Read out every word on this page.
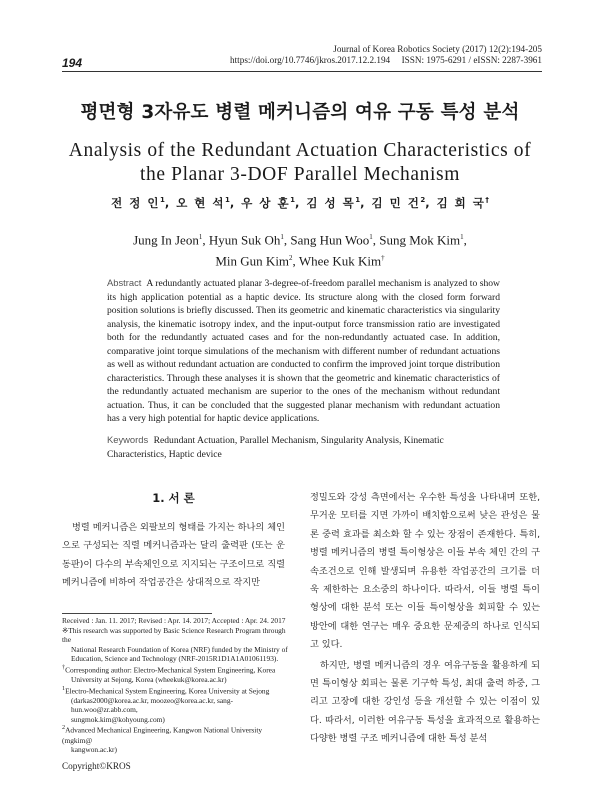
194
Journal of Korea Robotics Society (2017) 12(2):194-205
https://doi.org/10.7746/jkros.2017.12.2.194 ISSN: 1975-6291 / eISSN: 2287-3961
평면형 3자유도 병렬 메커니즘의 여유 구동 특성 분석
Analysis of the Redundant Actuation Characteristics of
the Planar 3-DOF Parallel Mechanism
전 정 인$^1$, 오 현 석$^1$, 우 상 훈$^1$, 김 성 목$^1$, 김 민 건$^2$, 김 희 국†
Jung In Jeon$^1$, Hyun Suk Oh$^1$, Sang Hun Woo$^1$, Sung Mok Kim$^1$,
Min Gun Kim$^2$, Whee Kuk Kim†
Abstract A redundantly actuated planar 3-degree-of-freedom parallel mechanism is analyzed to show its high application potential as a haptic device. Its structure along with the closed form forward position solutions is briefly discussed. Then its geometric and kinematic characteristics via singularity analysis, the kinematic isotropy index, and the input-output force transmission ratio are investigated both for the redundantly actuated cases and for the non-redundantly actuated case. In addition, comparative joint torque simulations of the mechanism with different number of redundant actuations as well as without redundant actuation are conducted to confirm the improved joint torque distribution characteristics. Through these analyses it is shown that the geometric and kinematic characteristics of the redundantly actuated mechanism are superior to the ones of the mechanism without redundant actuation. Thus, it can be concluded that the suggested planar mechanism with redundant actuation has a very high potential for haptic device applications.
Keywords Redundant Actuation, Parallel Mechanism, Singularity Analysis, Kinematic Characteristics, Haptic device
1. 서 론

병렬 메커니즘은 외팔보의 형태를 가지는 하나의 체인으로 구성되는 직렬 메커니즘과는 달리 출력판 (또는 운동판)이 다수의 부속체인으로 지지되는 구조이므로 직렬 메커니즘에 비하여 작업공간은 상대적으로 작지만

정밀도와 강성 측면에서는 우수한 특성을 나타내며 또한, 무거운 모터를 지면 가까이 배치함으로써 낮은 관성은 물론 중력 효과를 최소화 할 수 있는 장점이 존재한다. 특히, 병렬 메커니즘의 병렬 특이형상은 이들 부속 체인 간의 구속조건으로 인해 발생되며 유용한 작업공간의 크기를 더욱 제한하는 요소중의 하나이다. 따라서, 이들 병렬 특이형상에 대한 분석 또는 이들 특이형상을 회피할 수 있는 방안에 대한 연구는 매우 중요한 문제중의 하나로 인식되고 있다.

하지만, 병렬 메커니즘의 경우 여유구동을 활용하게 되면 특이형상 회피는 물론 기구학 특성, 최대 출력 하중, 그리고 고장에 대한 강인성 등을 개선할 수 있는 이점이 있다. 따라서, 이러한 여유구동 특성을 효과적으로 활용하는 다양한 병렬 구조 메커니즘에 대한 특성 분석

Received : Jan. 11. 2017; Revised : Apr. 14. 2017; Accepted : Apr. 24. 2017
※This research was supported by Basic Science Research Program through the
National Research Foundation of Korea (NRF) funded by the Ministry of
Education, Science and Technology (NRF-2015R1D1A1A01061193).
†Corresponding author: Electro-Mechanical System Engineering, Korea
University at Sejong, Korea (wheekuk@korea.ac.kr)
$^1$Electro-Mechanical System Engineering, Korea University at Sejong
(darkas2000@korea.ac.kr, moozeo@korea.ac.kr, sang-hun.woo@zr.abb.com,
sungmok.kim@kohyoung.com)
$^2$Advanced Mechanical Engineering, Kangwon National University (mgkim@
kangwon.ac.kr)
Copyright©KROS
